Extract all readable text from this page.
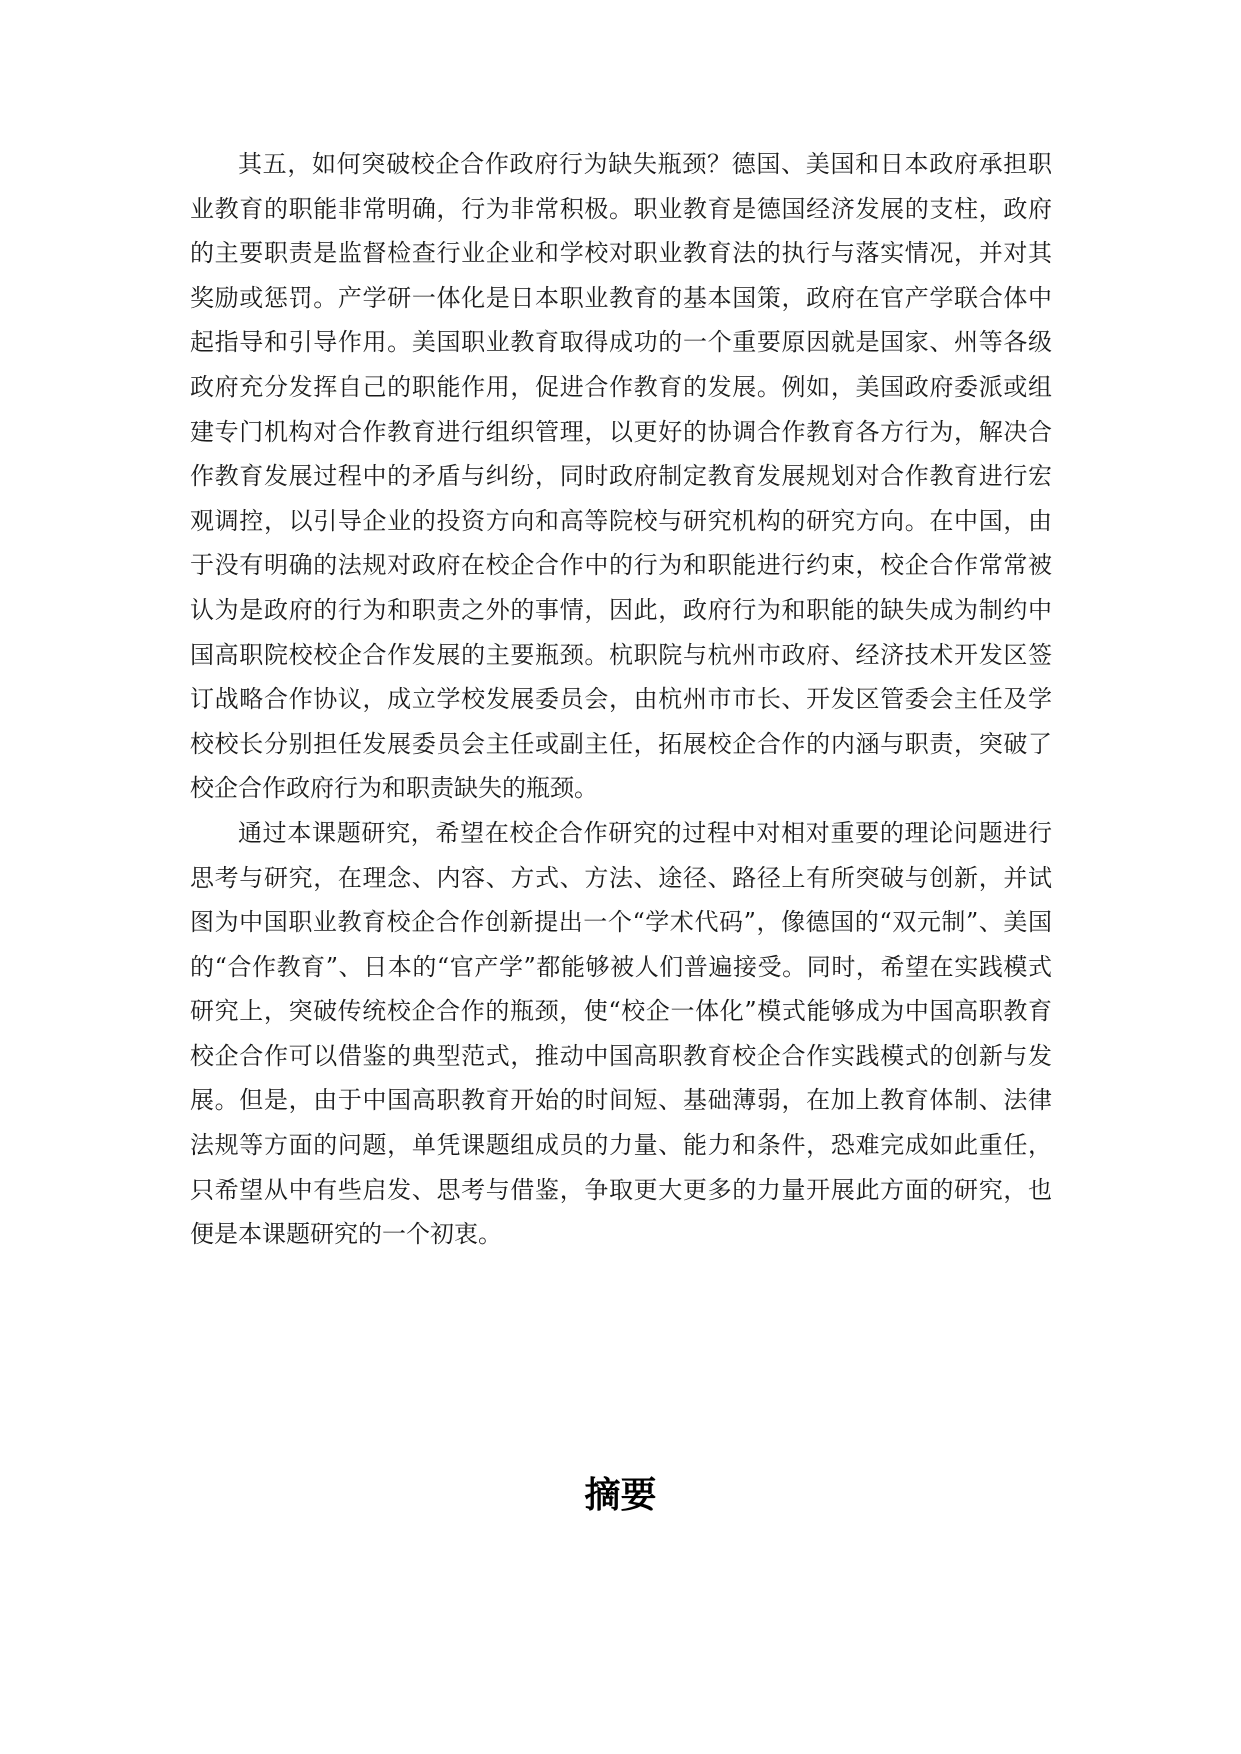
其五，如何突破校企合作政府行为缺失瓶颈？德国、美国和日本政府承担职业教育的职能非常明确，行为非常积极。职业教育是德国经济发展的支柱，政府的主要职责是监督检查行业企业和学校对职业教育法的执行与落实情况，并对其奖励或惩罚。产学研一体化是日本职业教育的基本国策，政府在官产学联合体中起指导和引导作用。美国职业教育取得成功的一个重要原因就是国家、州等各级政府充分发挥自己的职能作用，促进合作教育的发展。例如，美国政府委派或组建专门机构对合作教育进行组织管理，以更好的协调合作教育各方行为，解决合作教育发展过程中的矛盾与纠纷，同时政府制定教育发展规划对合作教育进行宏观调控，以引导企业的投资方向和高等院校与研究机构的研究方向。在中国，由于没有明确的法规对政府在校企合作中的行为和职能进行约束，校企合作常常被认为是政府的行为和职责之外的事情，因此，政府行为和职能的缺失成为制约中国高职院校校企合作发展的主要瓶颈。杭职院与杭州市政府、经济技术开发区签订战略合作协议，成立学校发展委员会，由杭州市市长、开发区管委会主任及学校校长分别担任发展委员会主任或副主任，拓展校企合作的内涵与职责，突破了校企合作政府行为和职责缺失的瓶颈。

通过本课题研究，希望在校企合作研究的过程中对相对重要的理论问题进行思考与研究，在理念、内容、方式、方法、途径、路径上有所突破与创新，并试图为中国职业教育校企合作创新提出一个“学术代码”，像德国的“双元制”、美国的“合作教育”、日本的“官产学”都能够被人们普遍接受。同时，希望在实践模式研究上，突破传统校企合作的瓶颈，使“校企一体化”模式能够成为中国高职教育校企合作可以借鉴的典型范式，推动中国高职教育校企合作实践模式的创新与发展。但是，由于中国高职教育开始的时间短、基础薄弱，在加上教育体制、法律法规等方面的问题，单凭课题组成员的力量、能力和条件，恐难完成如此重任，只希望从中有些启发、思考与借鉴，争取更大更多的力量开展此方面的研究，也便是本课题研究的一个初衷。

摘要
